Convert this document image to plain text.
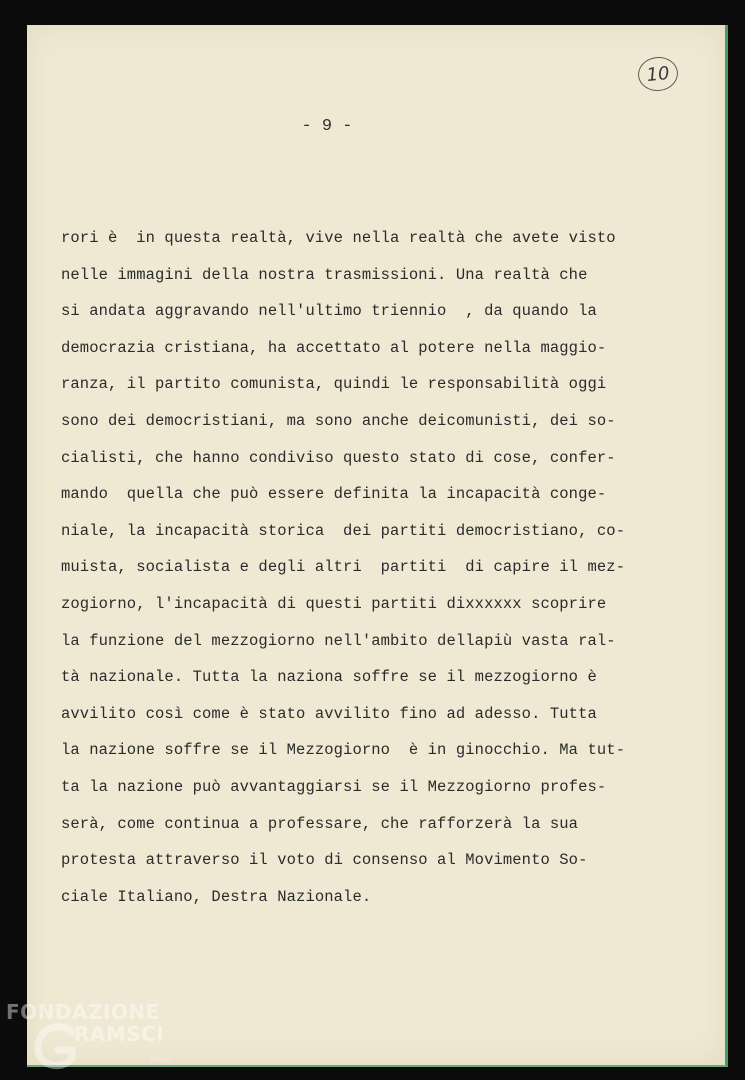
10
- 9 -
rori è  in questa realtà, vive nella realtà che avete visto
nelle immagini della nostra trasmissioni. Una realtà che
si andata aggravando nell'ultimo triennio  , da quando la
democrazia cristiana, ha accettato al potere nella maggio-
ranza, il partito comunista, quindi le responsabilità oggi
sono dei democristiani, ma sono anche deicomunisti, dei so-
cialisti, che hanno condiviso questo stato di cose, confer-
mando  quella che può essere definita la incapacità conge-
niale, la incapacità storica  dei partiti democristiano, co-
muista, socialista e degli altri  partiti  di capire il mez-
zogiorno, l'incapacità di questi partiti dixxxxxx scoprire
la funzione del mezzogiorno nell'ambito dellapiù vasta ral-
tà nazionale. Tutta la naziona soffre se il mezzogiorno è
avvilito così come è stato avvilito fino ad adesso. Tutta
la nazione soffre se il Mezzogiorno  è in ginocchio. Ma tut-
ta la nazione può avvantaggiarsi se il Mezzogiorno profes-
serà, come continua a professare, che rafforzerà la sua
protesta attraverso il voto di consenso al Movimento So-
ciale Italiano, Destra Nazionale.
FONDAZIONE
RAMSCI
onlus
